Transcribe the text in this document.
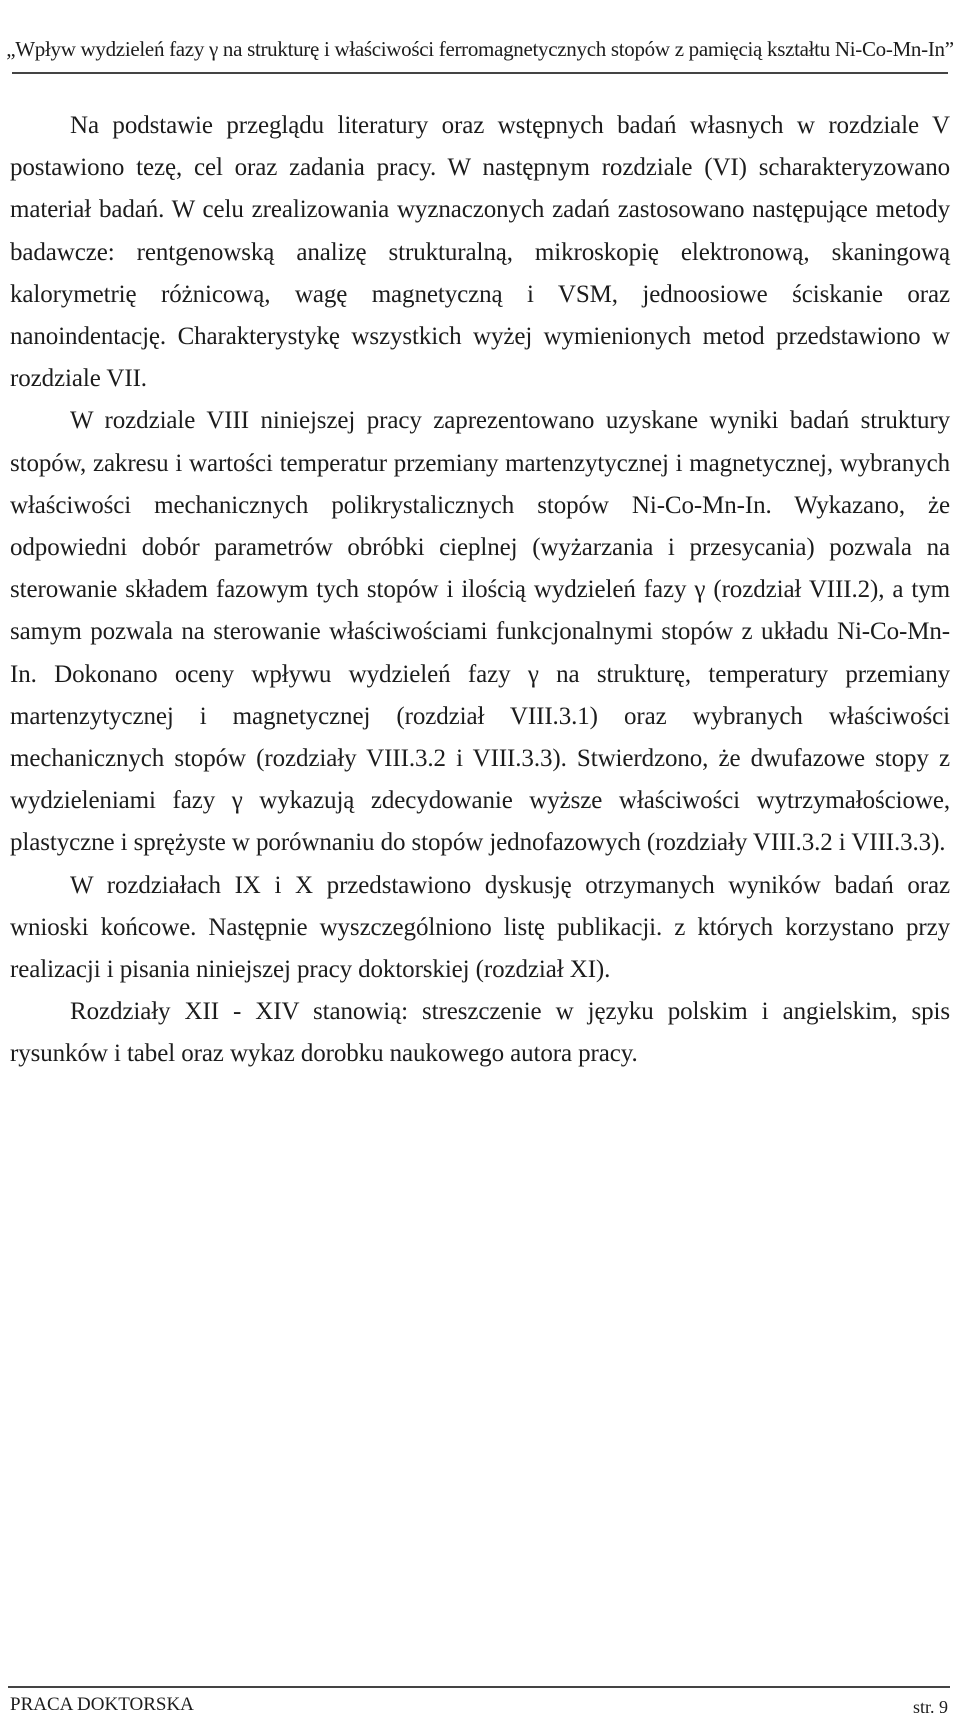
„Wpływ wydzieleń fazy γ na strukturę i właściwości ferromagnetycznych stopów z pamięcią kształtu Ni-Co-Mn-In”

Na podstawie przeglądu literatury oraz wstępnych badań własnych w rozdziale V postawiono tezę, cel oraz zadania pracy. W następnym rozdziale (VI) scharakteryzowano materiał badań. W celu zrealizowania wyznaczonych zadań zastosowano następujące metody badawcze: rentgenowską analizę strukturalną, mikroskopię elektronową, skaningową kalorymetrię różnicową, wagę magnetyczną i VSM, jednoosiowe ściskanie oraz nanoindentację. Charakterystykę wszystkich wyżej wymienionych metod przedstawiono w rozdziale VII.

W rozdziale VIII niniejszej pracy zaprezentowano uzyskane wyniki badań struktury stopów, zakresu i wartości temperatur przemiany martenzytycznej i magnetycznej, wybranych właściwości mechanicznych polikrystalicznych stopów Ni-Co-Mn-In. Wykazano, że odpowiedni dobór parametrów obróbki cieplnej (wyżarzania i przesycania) pozwala na sterowanie składem fazowym tych stopów i ilością wydzieleń fazy γ (rozdział VIII.2), a tym samym pozwala na sterowanie właściwościami funkcjonalnymi stopów z układu Ni-Co-Mn-In. Dokonano oceny wpływu wydzieleń fazy γ na strukturę, temperatury przemiany martenzytycznej i magnetycznej (rozdział VIII.3.1) oraz wybranych właściwości mechanicznych stopów (rozdziały VIII.3.2 i VIII.3.3). Stwierdzono, że dwufazowe stopy z wydzieleniami fazy γ wykazują zdecydowanie wyższe właściwości wytrzymałościowe, plastyczne i sprężyste w porównaniu do stopów jednofazowych (rozdziały VIII.3.2 i VIII.3.3).

W rozdziałach IX i X przedstawiono dyskusję otrzymanych wyników badań oraz wnioski końcowe. Następnie wyszczególniono listę publikacji. z których korzystano przy realizacji i pisania niniejszej pracy doktorskiej (rozdział XI).

Rozdziały XII - XIV stanowią: streszczenie w języku polskim i angielskim, spis rysunków i tabel oraz wykaz dorobku naukowego autora pracy.

PRACA DOKTORSKA	str. 9
